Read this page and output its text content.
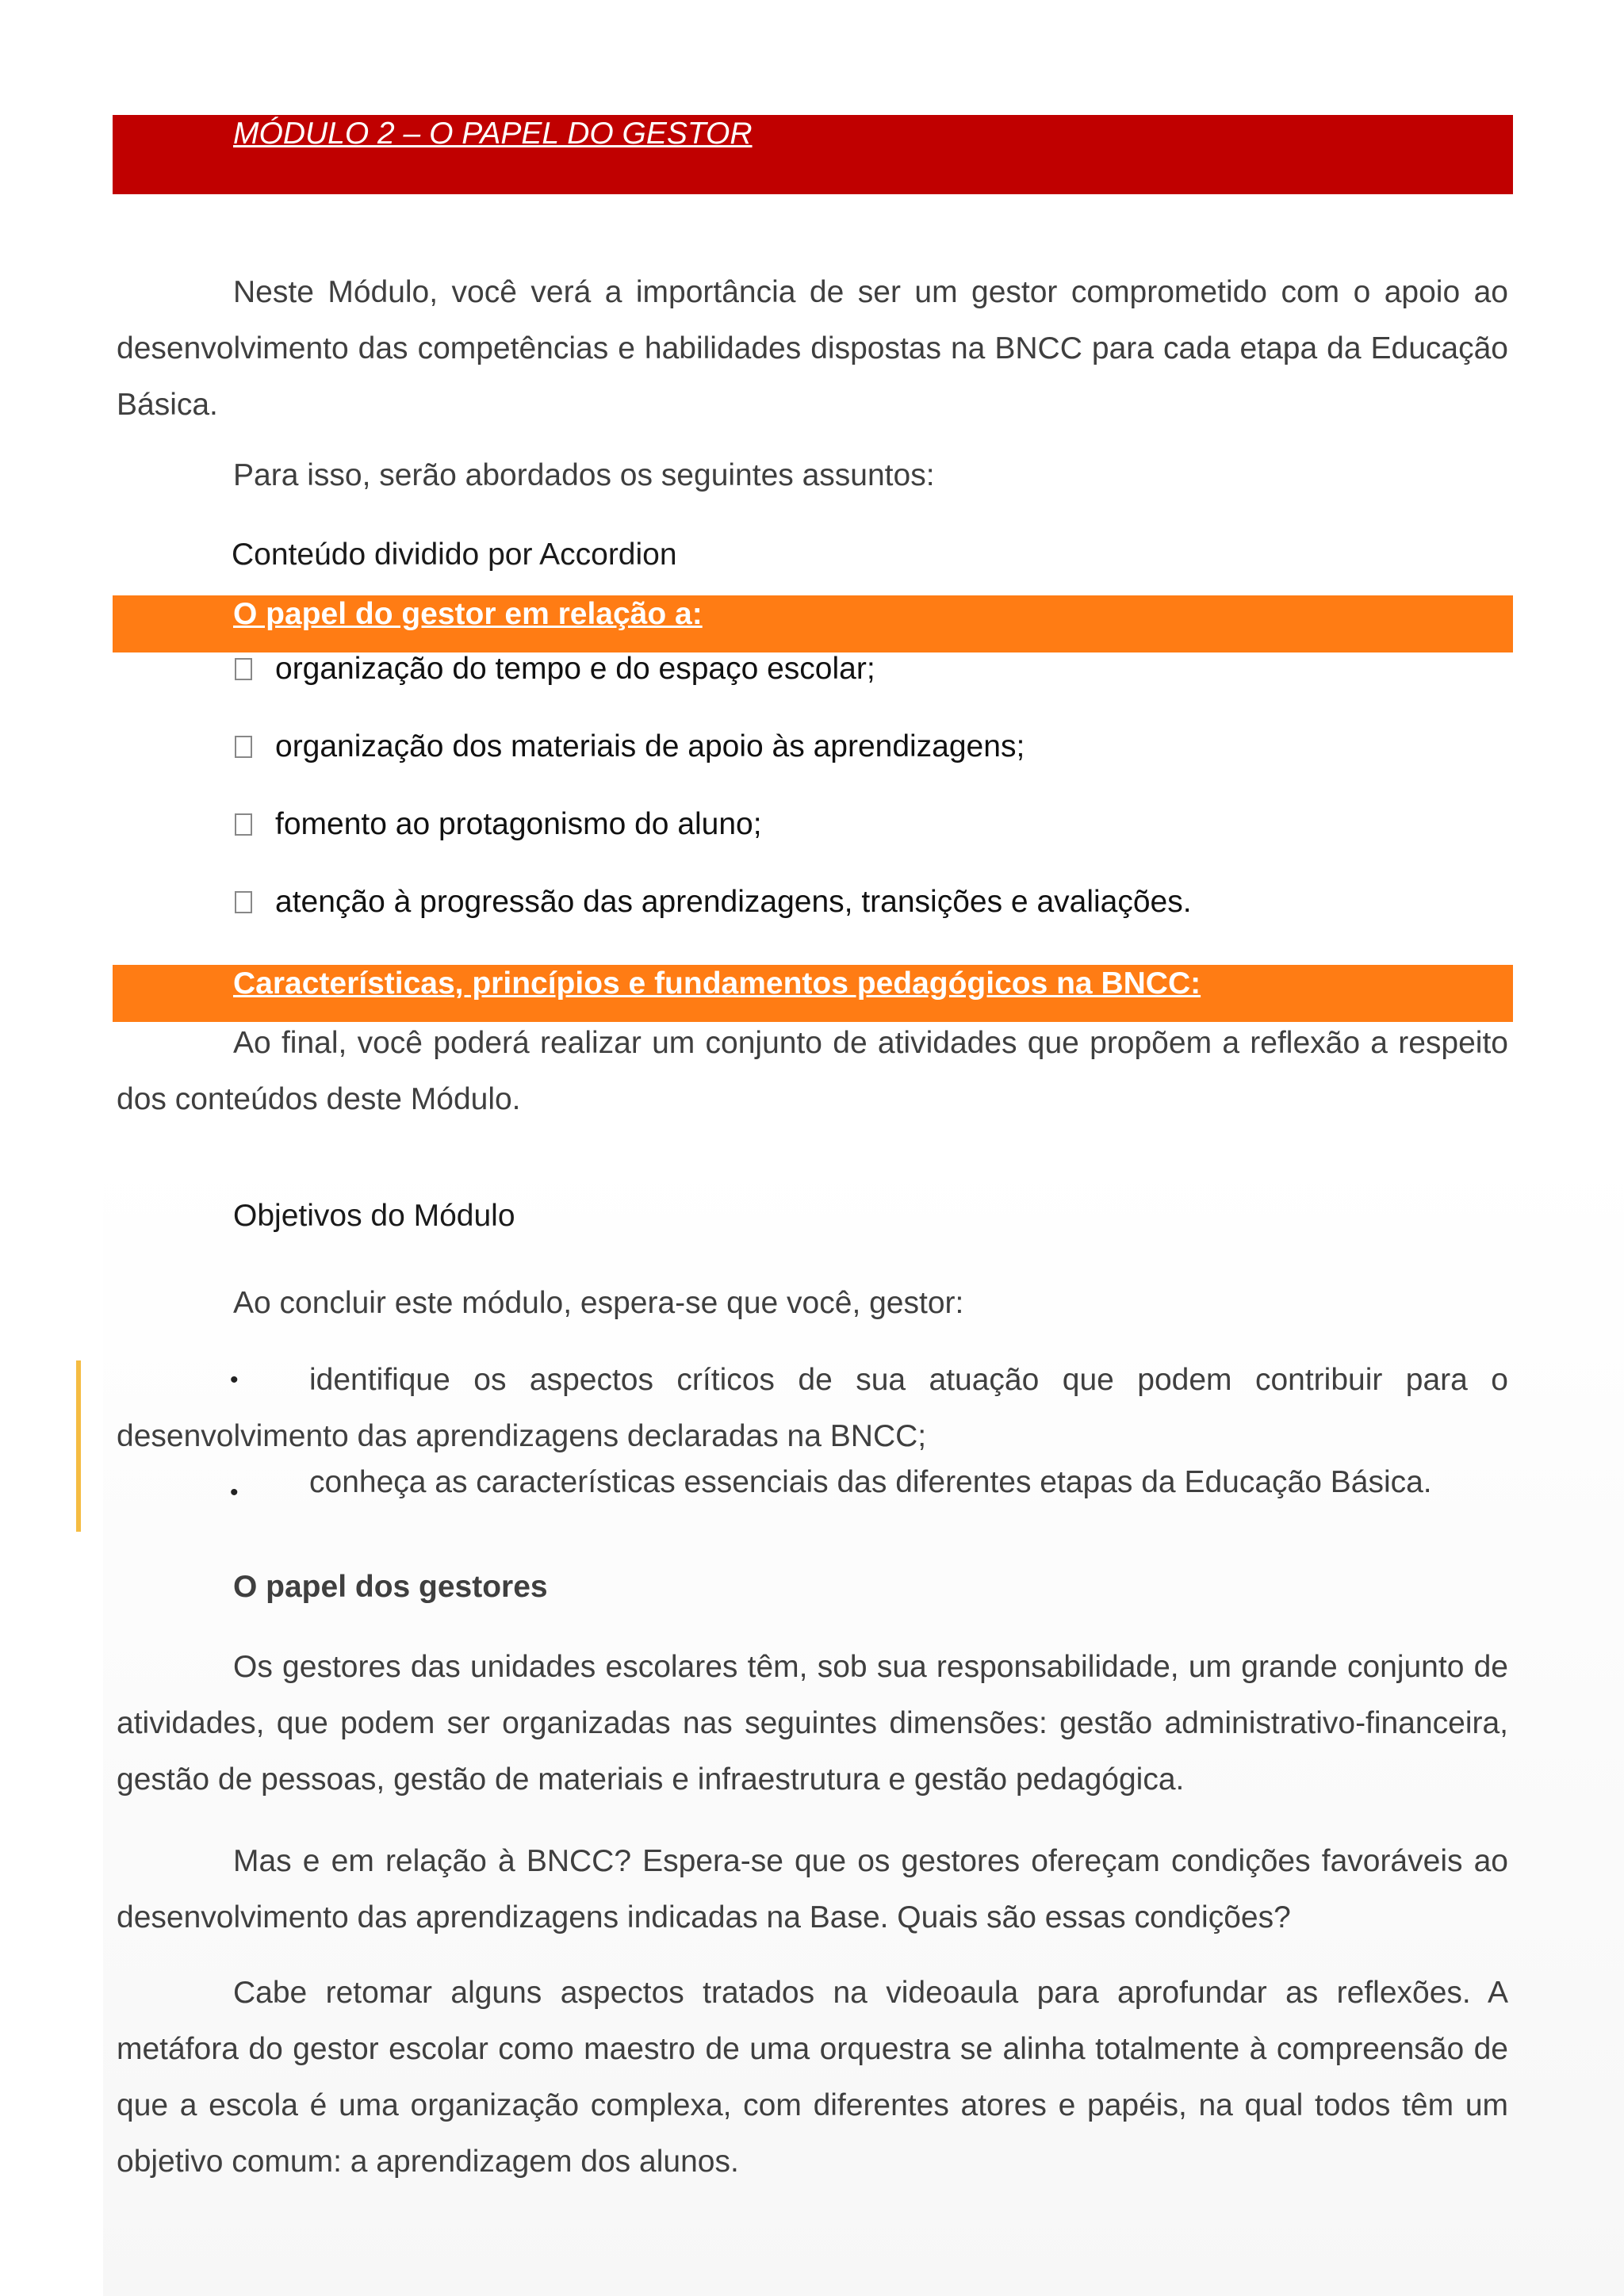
MÓDULO 2 – O PAPEL DO GESTOR
Neste Módulo, você verá a importância de ser um gestor comprometido com o apoio ao desenvolvimento das competências e habilidades dispostas na BNCC para cada etapa da Educação Básica.
Para isso, serão abordados os seguintes assuntos:
Conteúdo dividido por Accordion
O papel do gestor em relação a:
organização do tempo e do espaço escolar;
organização dos materiais de apoio às aprendizagens;
fomento ao protagonismo do aluno;
atenção à progressão das aprendizagens, transições e avaliações.
Características, princípios e fundamentos pedagógicos na BNCC:
Ao final, você poderá realizar um conjunto de atividades que propõem a reflexão a respeito dos conteúdos deste Módulo.
Objetivos do Módulo
Ao concluir este módulo, espera-se que você, gestor:
•	identifique os aspectos críticos de sua atuação que podem contribuir para o desenvolvimento das aprendizagens declaradas na BNCC;
• conheça as características essenciais das diferentes etapas da Educação Básica.
O papel dos gestores
Os gestores das unidades escolares têm, sob sua responsabilidade, um grande conjunto de atividades, que podem ser organizadas nas seguintes dimensões: gestão administrativo-financeira, gestão de pessoas, gestão de materiais e infraestrutura e gestão pedagógica.
Mas e em relação à BNCC? Espera-se que os gestores ofereçam condições favoráveis ao desenvolvimento das aprendizagens indicadas na Base. Quais são essas condições?
Cabe retomar alguns aspectos tratados na videoaula para aprofundar as reflexões. A metáfora do gestor escolar como maestro de uma orquestra se alinha totalmente à compreensão de que a escola é uma organização complexa, com diferentes atores e papéis, na qual todos têm um objetivo comum: a aprendizagem dos alunos.
